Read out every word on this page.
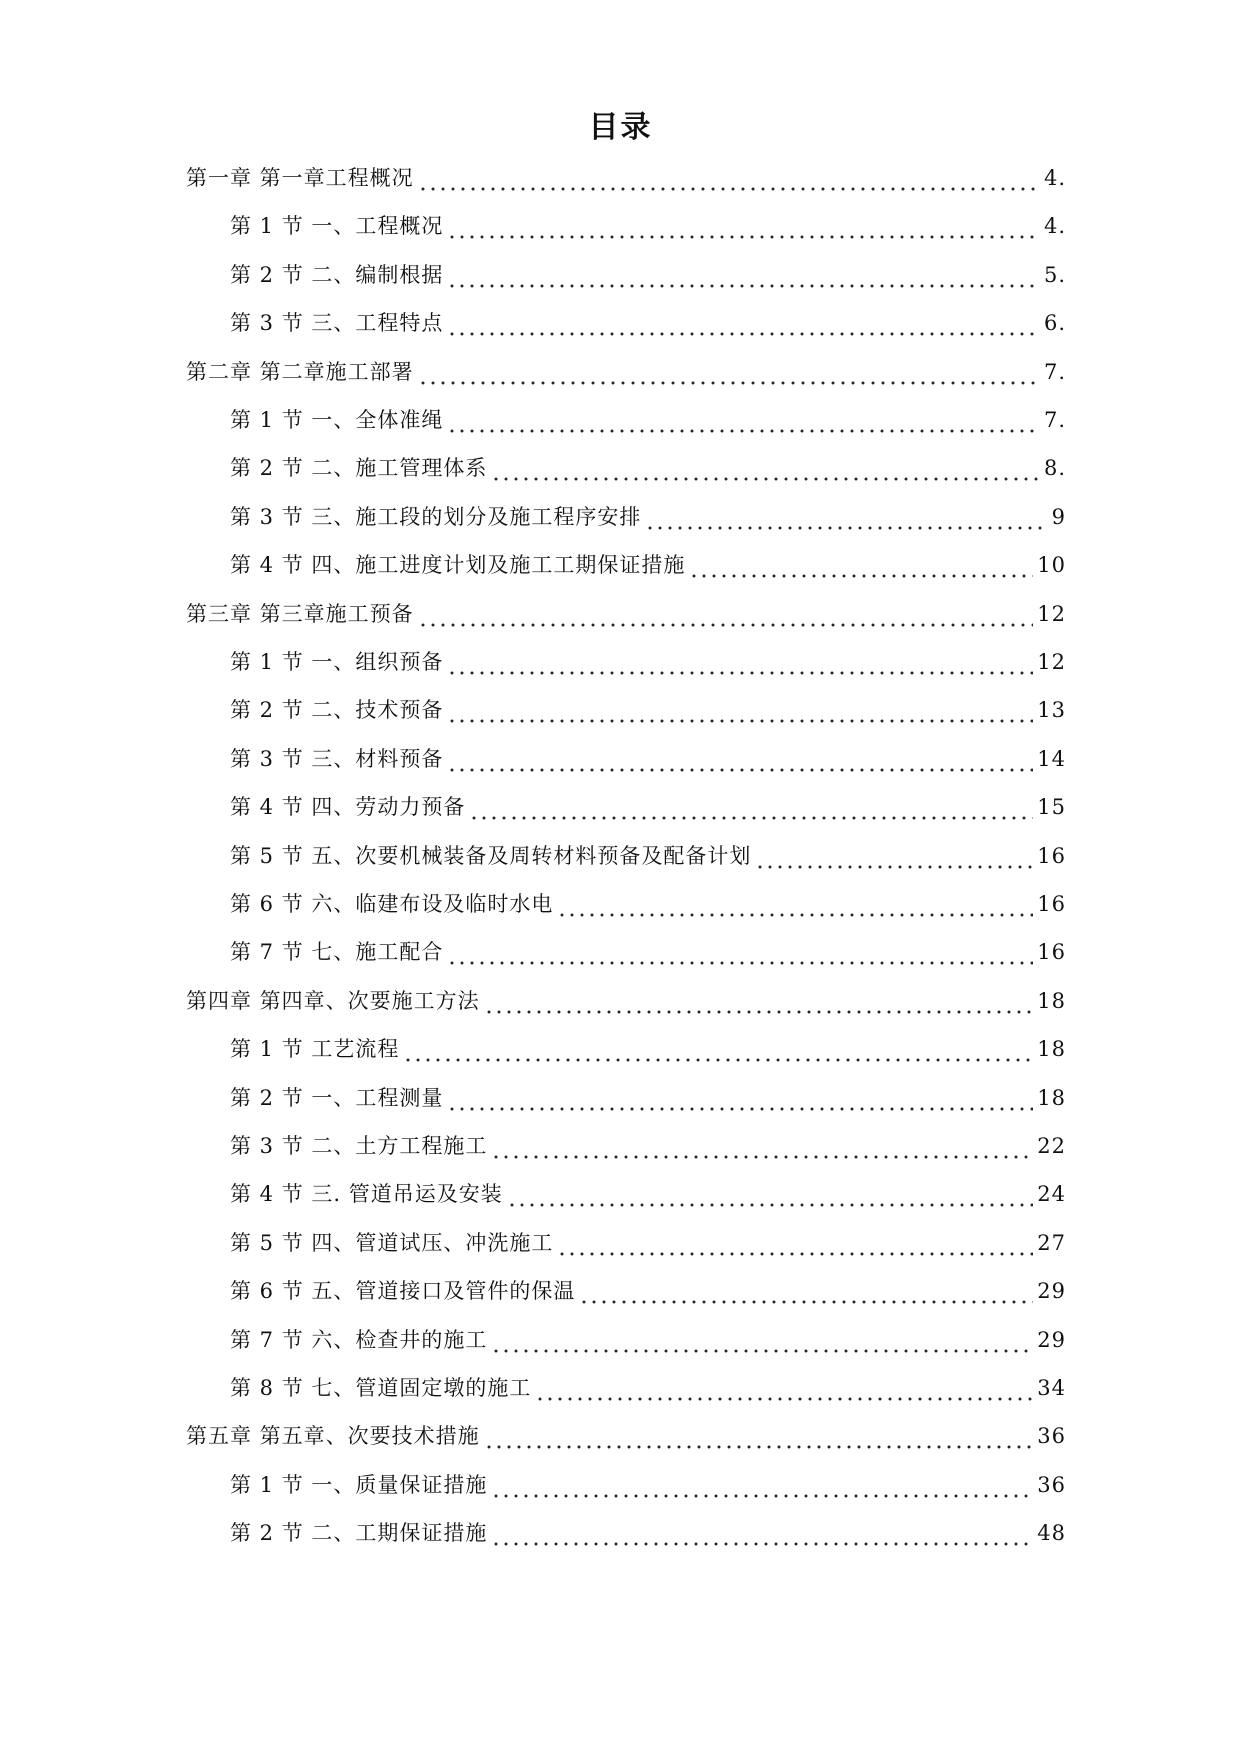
目录
第一章 第一章工程概况	4.
第 1 节 一、工程概况	4.
第 2 节 二、编制根据	5.
第 3 节 三、工程特点	6.
第二章 第二章施工部署	7.
第 1 节 一、全体准绳	7.
第 2 节 二、施工管理体系	8.
第 3 节 三、施工段的划分及施工程序安排	9
第 4 节 四、施工进度计划及施工工期保证措施	10
第三章 第三章施工预备	12
第 1 节 一、组织预备	12
第 2 节 二、技术预备	13
第 3 节 三、材料预备	14
第 4 节 四、劳动力预备	15
第 5 节 五、次要机械装备及周转材料预备及配备计划	16
第 6 节 六、临建布设及临时水电	16
第 7 节 七、施工配合	16
第四章 第四章、次要施工方法	18
第 1 节 工艺流程	18
第 2 节 一、工程测量	18
第 3 节 二、土方工程施工	22
第 4 节 三. 管道吊运及安装	24
第 5 节 四、管道试压、冲洗施工	27
第 6 节 五、管道接口及管件的保温	29
第 7 节 六、检查井的施工	29
第 8 节 七、管道固定墩的施工	34
第五章 第五章、次要技术措施	36
第 1 节 一、质量保证措施	36
第 2 节 二、工期保证措施	48
